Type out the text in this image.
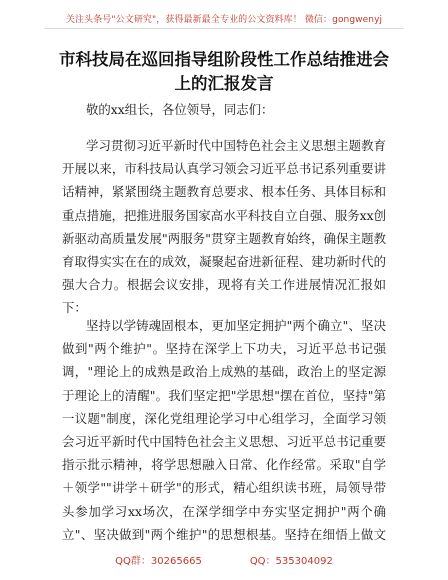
关注头条号"公文研究"，获得最新最全专业的公文资料库！ 微信：gongwenyj
市科技局在巡回指导组阶段性工作总结推进会
上的汇报发言
敬的xx组长，各位领导，同志们：
学习贯彻习近平新时代中国特色社会主义思想主题教育开展以来，市科技局认真学习领会习近平总书记系列重要讲话精神，紧紧围绕主题教育总要求、根本任务、具体目标和重点措施，把推进服务国家高水平科技自立自强、服务xx创新驱动高质量发展"两服务"贯穿主题教育始终，确保主题教育取得实实在在的成效，凝聚起奋进新征程、建功新时代的强大合力。根据会议安排，现将有关工作进展情况汇报如下：
坚持以学铸魂固根本，更加坚定拥护"两个确立"、坚决做到"两个维护"。坚持在深学上下功夫，习近平总书记强调，"理论上的成熟是政治上成熟的基础，政治上的坚定源于理论上的清醒"。我们坚定把"学思想"摆在首位，坚持"第一议题"制度，深化党组理论学习中心组学习，全面学习领会习近平新时代中国特色社会主义思想、习近平总书记重要指示批示精神，将学思想融入日常、化作经常。采取"自学＋领学""讲学＋研学"的形式，精心组织读书班，局领导带头参加学习xx场次，在深学细学中夯实坚定拥护"两个确立"、坚决做到"两个维护"的思想根基。坚持在细悟上做文
QQ群：30265665	QQ：535304092
